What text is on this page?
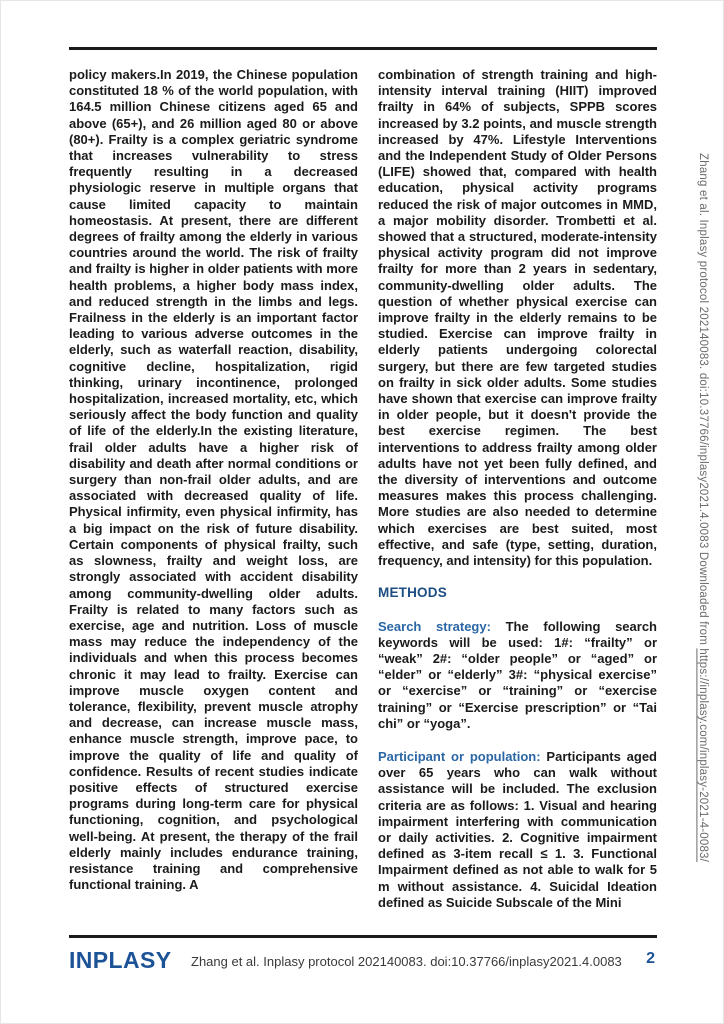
policy makers.In 2019, the Chinese population constituted 18 % of the world population, with 164.5 million Chinese citizens aged 65 and above (65+), and 26 million aged 80 or above (80+). Frailty is a complex geriatric syndrome that increases vulnerability to stress frequently resulting in a decreased physiologic reserve in multiple organs that cause limited capacity to maintain homeostasis. At present, there are different degrees of frailty among the elderly in various countries around the world. The risk of frailty and frailty is higher in older patients with more health problems, a higher body mass index, and reduced strength in the limbs and legs. Frailness in the elderly is an important factor leading to various adverse outcomes in the elderly, such as waterfall reaction, disability, cognitive decline, hospitalization, rigid thinking, urinary incontinence, prolonged hospitalization, increased mortality, etc, which seriously affect the body function and quality of life of the elderly.In the existing literature, frail older adults have a higher risk of disability and death after normal conditions or surgery than non-frail older adults, and are associated with decreased quality of life. Physical infirmity, even physical infirmity, has a big impact on the risk of future disability. Certain components of physical frailty, such as slowness, frailty and weight loss, are strongly associated with accident disability among community-dwelling older adults. Frailty is related to many factors such as exercise, age and nutrition. Loss of muscle mass may reduce the independency of the individuals and when this process becomes chronic it may lead to frailty. Exercise can improve muscle oxygen content and tolerance, flexibility, prevent muscle atrophy and decrease, can increase muscle mass, enhance muscle strength, improve pace, to improve the quality of life and quality of confidence. Results of recent studies indicate positive effects of structured exercise programs during long-term care for physical functioning, cognition, and psychological well-being. At present, the therapy of the frail elderly mainly includes endurance training, resistance training and comprehensive functional training. A

combination of strength training and high-intensity interval training (HIIT) improved frailty in 64% of subjects, SPPB scores increased by 3.2 points, and muscle strength increased by 47%. Lifestyle Interventions and the Independent Study of Older Persons (LIFE) showed that, compared with health education, physical activity programs reduced the risk of major outcomes in MMD, a major mobility disorder. Trombetti et al. showed that a structured, moderate-intensity physical activity program did not improve frailty for more than 2 years in sedentary, community-dwelling older adults. The question of whether physical exercise can improve frailty in the elderly remains to be studied. Exercise can improve frailty in elderly patients undergoing colorectal surgery, but there are few targeted studies on frailty in sick older adults. Some studies have shown that exercise can improve frailty in older people, but it doesn't provide the best exercise regimen. The best interventions to address frailty among older adults have not yet been fully defined, and the diversity of interventions and outcome measures makes this process challenging. More studies are also needed to determine which exercises are best suited, most effective, and safe (type, setting, duration, frequency, and intensity) for this population.

METHODS

Search strategy: The following search keywords will be used: 1#: “frailty” or “weak” 2#: “older people” or “aged” or “elder” or “elderly” 3#: “physical exercise” or “exercise” or “training” or “exercise training” or “Exercise prescription” or “Tai chi” or “yoga”.

Participant or population: Participants aged over 65 years who can walk without assistance will be included. The exclusion criteria are as follows: 1. Visual and hearing impairment interfering with communication or daily activities. 2. Cognitive impairment defined as 3-item recall ≤ 1. 3. Functional Impairment defined as not able to walk for 5 m without assistance. 4. Suicidal Ideation defined as Suicide Subscale of the Mini

INPLASY Zhang et al. Inplasy protocol 202140083. doi:10.37766/inplasy2021.4.0083 2
Zhang et al. Inplasy protocol 202140083. doi:10.37766/inplasy2021.4.0083 Downloaded from https://inplasy.com/inplasy-2021-4-0083/
